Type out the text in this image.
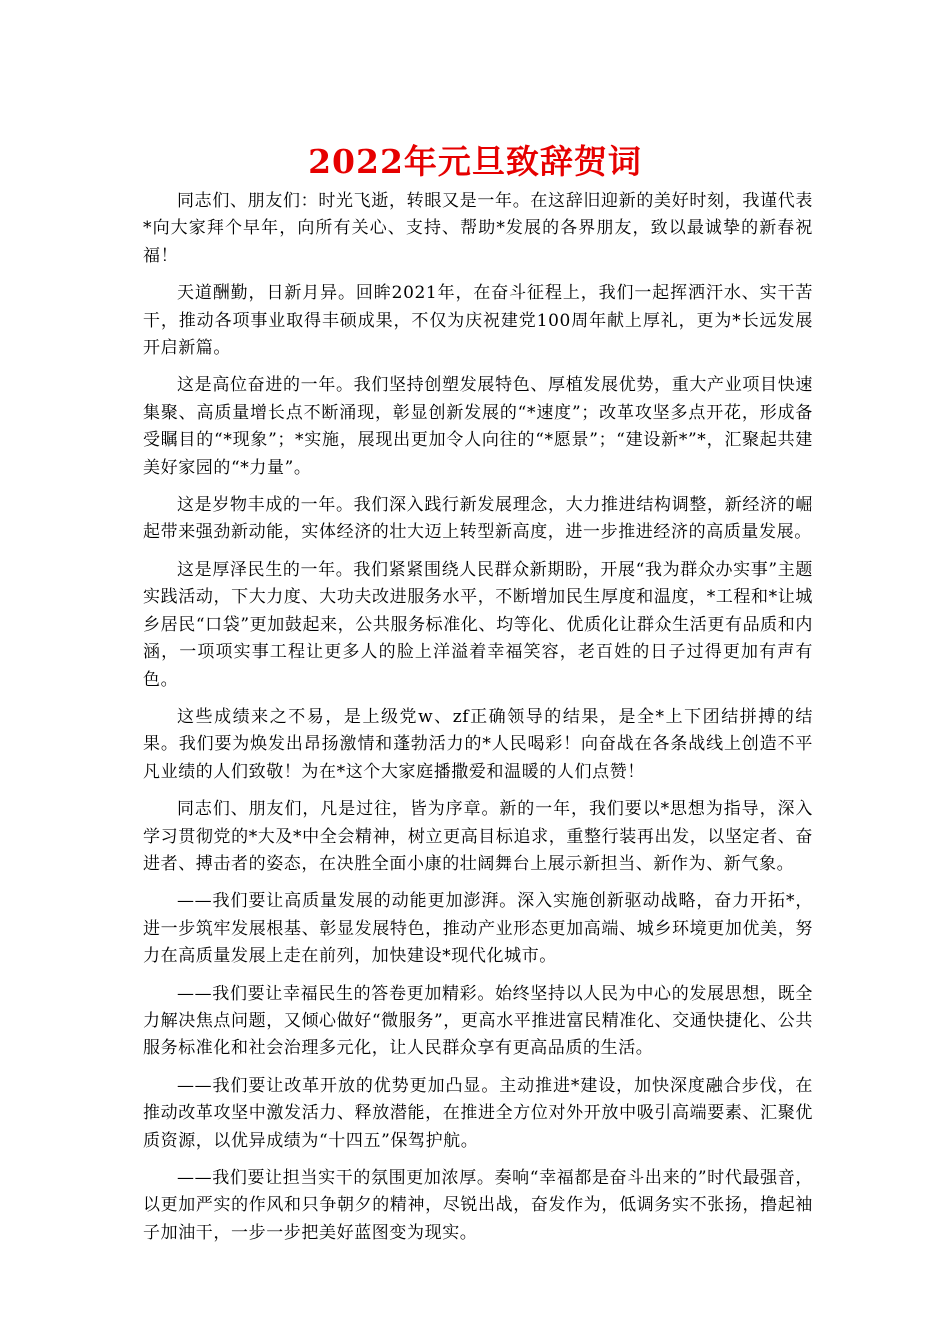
2022年元旦致辞贺词

同志们、朋友们：时光飞逝，转眼又是一年。在这辞旧迎新的美好时刻，我谨代表*向大家拜个早年，向所有关心、支持、帮助*发展的各界朋友，致以最诚挚的新春祝福！

天道酬勤，日新月异。回眸2021年，在奋斗征程上，我们一起挥洒汗水、实干苦干，推动各项事业取得丰硕成果，不仅为庆祝建党100周年献上厚礼，更为*长远发展开启新篇。

这是高位奋进的一年。我们坚持创塑发展特色、厚植发展优势，重大产业项目快速集聚、高质量增长点不断涌现，彰显创新发展的“*速度”；改革攻坚多点开花，形成备受瞩目的“*现象”；*实施，展现出更加令人向往的“*愿景”；“建设新*”*，汇聚起共建美好家园的“*力量”。

这是岁物丰成的一年。我们深入践行新发展理念，大力推进结构调整，新经济的崛起带来强劲新动能，实体经济的壮大迈上转型新高度，进一步推进经济的高质量发展。

这是厚泽民生的一年。我们紧紧围绕人民群众新期盼，开展“我为群众办实事”主题实践活动，下大力度、大功夫改进服务水平，不断增加民生厚度和温度，*工程和*让城乡居民“口袋”更加鼓起来，公共服务标准化、均等化、优质化让群众生活更有品质和内涵，一项项实事工程让更多人的脸上洋溢着幸福笑容，老百姓的日子过得更加有声有色。

这些成绩来之不易，是上级党w、zf正确领导的结果，是全*上下团结拼搏的结果。我们要为焕发出昂扬激情和蓬勃活力的*人民喝彩！向奋战在各条战线上创造不平凡业绩的人们致敬！为在*这个大家庭播撒爱和温暖的人们点赞！

同志们、朋友们，凡是过往，皆为序章。新的一年，我们要以*思想为指导，深入学习贯彻党的*大及*中全会精神，树立更高目标追求，重整行装再出发，以坚定者、奋进者、搏击者的姿态，在决胜全面小康的壮阔舞台上展示新担当、新作为、新气象。

——我们要让高质量发展的动能更加澎湃。深入实施创新驱动战略，奋力开拓*，进一步筑牢发展根基、彰显发展特色，推动产业形态更加高端、城乡环境更加优美，努力在高质量发展上走在前列，加快建设*现代化城市。

——我们要让幸福民生的答卷更加精彩。始终坚持以人民为中心的发展思想，既全力解决焦点问题，又倾心做好“微服务”，更高水平推进富民精准化、交通快捷化、公共服务标准化和社会治理多元化，让人民群众享有更高品质的生活。

——我们要让改革开放的优势更加凸显。主动推进*建设，加快深度融合步伐，在推动改革攻坚中激发活力、释放潜能，在推进全方位对外开放中吸引高端要素、汇聚优质资源，以优异成绩为“十四五”保驾护航。

——我们要让担当实干的氛围更加浓厚。奏响“幸福都是奋斗出来的”时代最强音，以更加严实的作风和只争朝夕的精神，尽锐出战，奋发作为，低调务实不张扬，撸起袖子加油干，一步一步把美好蓝图变为现实。
